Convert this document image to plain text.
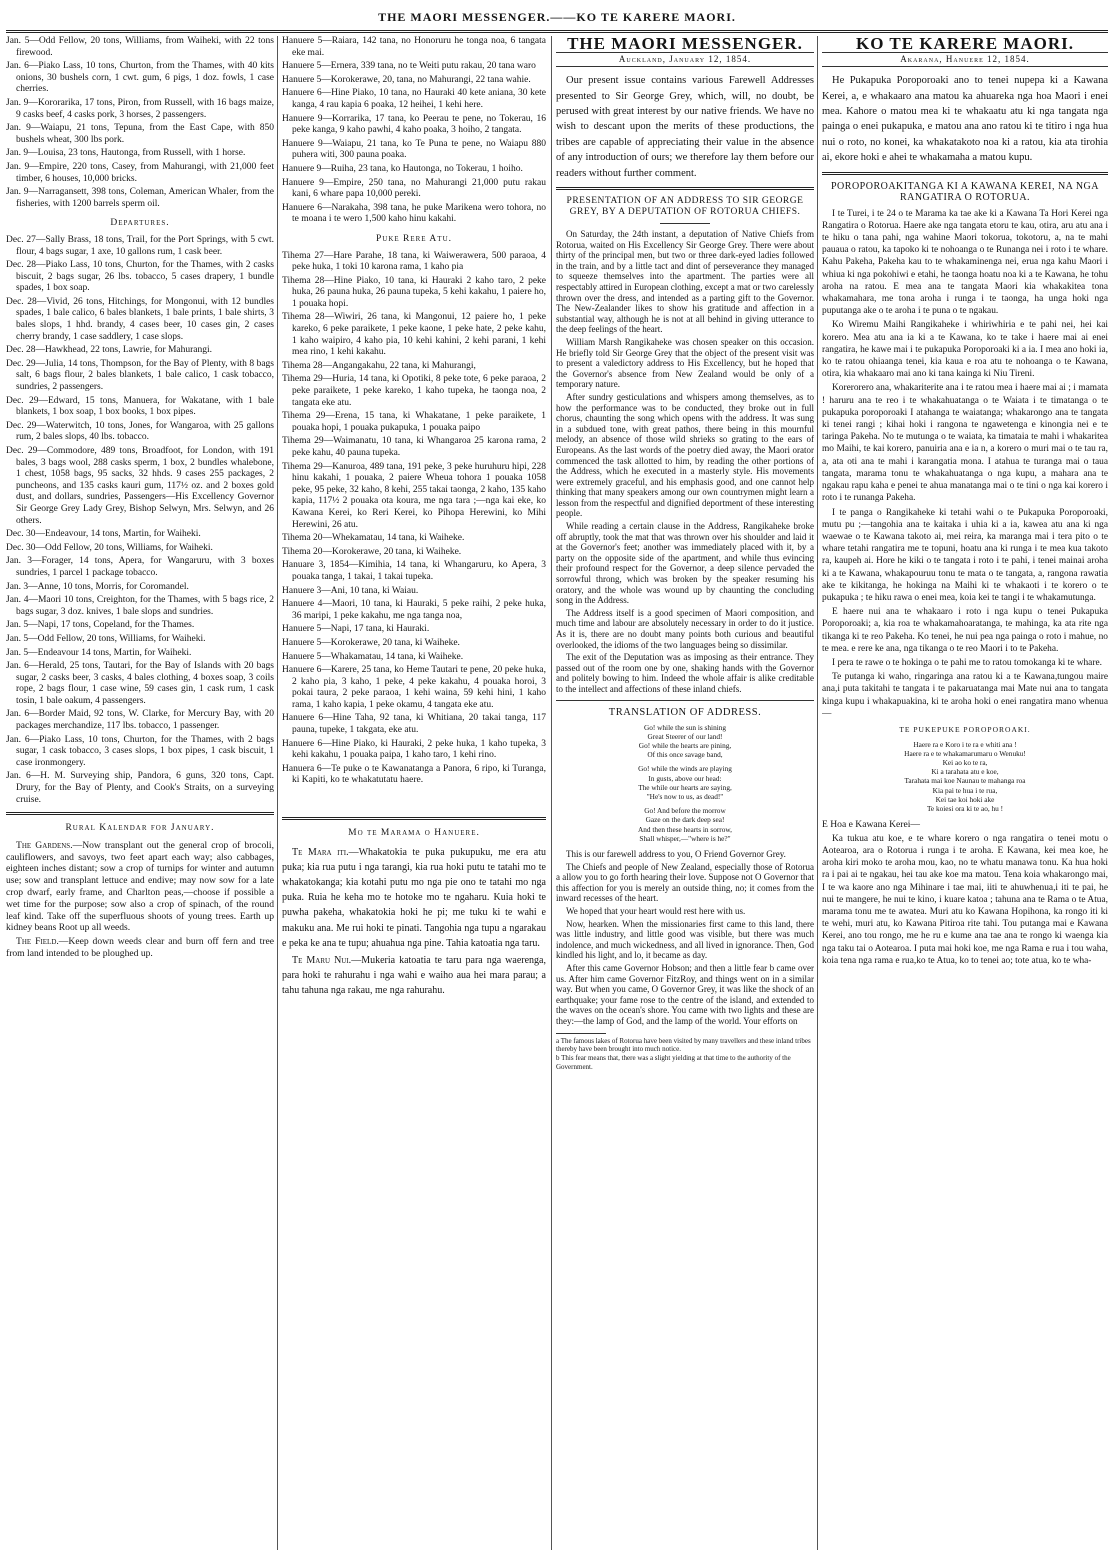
THE MAORI MESSENGER.——KO TE KARERE MAORI.
Jan. 5—Odd Fellow, 20 tons, Williams, from Waiheki, with 22 tons firewood.
Jan. 6—Piako Lass, 10 tons, Churton, from the Thames, with 40 kits onions, 30 bushels corn, 1 cwt. gum, 6 pigs, 1 doz. fowls, 1 case cherries.
Jan. 9—Kororarika, 17 tons, Piron, from Russell, with 16 bags maize, 9 casks beef, 4 casks pork, 3 horses, 2 passengers.
Jan. 9—Waiapu, 21 tons, Tepuna, from the East Cape, with 850 bushels wheat, 300 lbs pork.
Jan. 9—Louisa, 23 tons, Hautonga, from Russell, with 1 horse.
Jan. 9—Empire, 220 tons, Casey, from Mahurangi, with 21,000 feet timber, 6 houses, 10,000 bricks.
Jan. 9—Narragansett, 398 tons, Coleman, American Whaler, from the fisheries, with 1200 barrels sperm oil.
Departures.
Dec. 27—Sally Brass, 18 tons, Trail, for the Port Springs, with 5 cwt. flour, 4 bags sugar, 1 axe, 10 gallons rum, 1 cask beer.
Dec. 28—Piako Lass, 10 tons, Churton, for the Thames, with 2 casks biscuit, 2 bags sugar, 26 lbs. tobacco, 5 cases drapery, 1 bundle spades, 1 box soap.
Dec. 28—Vivid, 26 tons, Hitchings, for Mongonui, with 12 bundles spades, 1 bale calico, 6 bales blankets, 1 bale prints, 1 bale shirts, 3 bales slops, 1 hhd. brandy, 4 cases beer, 10 cases gin, 2 cases cherry brandy, 1 case saddlery, 1 case slops.
Dec. 28—Hawkhead, 22 tons, Lawrie, for Mahurangi.
Dec. 29—Julia, 14 tons, Thompson, for the Bay of Plenty, with 8 bags salt, 6 bags flour, 2 bales blankets, 1 bale calico, 1 cask tobacco, sundries, 2 passengers.
Dec. 29—Edward, 15 tons, Manuera, for Wakatane, with 1 bale blankets, 1 box soap, 1 box books, 1 box pipes.
Dec. 29—Waterwitch, 10 tons, Jones, for Wangaroa, with 25 gallons rum, 2 bales slops, 40 lbs. tobacco.
Dec. 29—Commodore, 489 tons, Broadfoot, for London, with 191 bales, 3 bags wool, 288 casks sperm, 1 box, 2 bundles whalebone, 1 chest, 1058 bags, 95 sacks, 32 hhds. 9 cases 255 packages, 2 puncheons, and 135 casks kauri gum, 117½ oz. and 2 boxes gold dust, and dollars, sundries, Passengers—His Excellency Governor Sir George Grey Lady Grey, Bishop Selwyn, Mrs. Selwyn, and 26 others.
Dec. 30—Endeavour, 14 tons, Martin, for Waiheki.
Dec. 30—Odd Fellow, 20 tons, Williams, for Waiheki.
Jan. 3—Forager, 14 tons, Apera, for Wangaruru, with 3 boxes sundries, 1 parcel 1 package tobacco.
Jan. 3—Anne, 10 tons, Morris, for Coromandel.
Jan. 4—Maori 10 tons, Creighton, for the Thames, with 5 bags rice, 2 bags sugar, 3 doz. knives, 1 bale slops and sundries.
Jan. 5—Napi, 17 tons, Copeland, for the Thames.
Jan. 5—Odd Fellow, 20 tons, Williams, for Waiheki.
Jan. 5—Endeavour 14 tons, Martin, for Waiheki.
Jan. 6—Herald, 25 tons, Tautari, for the Bay of Islands with 20 bags sugar, 2 casks beer, 3 casks, 4 bales clothing, 4 boxes soap, 3 coils rope, 2 bags flour, 1 case wine, 59 cases gin, 1 cask rum, 1 cask tosin, 1 bale oakum, 4 passengers.
Jan. 6—Border Maid, 92 tons, W. Clarke, for Mercury Bay, with 20 packages merchandize, 117 lbs. tobacco, 1 passenger.
Jan. 6—Piako Lass, 10 tons, Churton, for the Thames, with 2 bags sugar, 1 cask tobacco, 3 cases slops, 1 box pipes, 1 cask biscuit, 1 case ironmongery.
Jan. 6—H. M. Surveying ship, Pandora, 6 guns, 320 tons, Capt. Drury, for the Bay of Plenty, and Cook's Straits, on a surveying cruise.
Rural Kalendar for January.

The Gardens.—Now transplant out the general crop of brocoli, cauliflowers, and savoys, two feet apart each way; also cabbages, eighteen inches distant; sow a crop of turnips for winter and autumn use; sow and transplant lettuce and endive; may now sow for a late crop dwarf, early frame, and Charlton peas,—choose if possible a wet time for the purpose; sow also a crop of spinach, of the round leaf kind. Take off the superfluous shoots of young trees. Earth up kidney beans Root up all weeds.

The Field.—Keep down weeds clear and burn off fern and tree from land intended to be ploughed up.

Hanuere 5—Raiara, 142 tana, no Honoruru he tonga noa, 6 tangata eke mai.
Hanuere 5—Ernera, 339 tana, no te Weiti putu rakau, 20 tana waro
Hanuere 5—Korokerawe, 20, tana, no Mahurangi, 22 tana wahie.
Hanuere 6—Hine Piako, 10 tana, no Hauraki 40 kete aniana, 30 kete kanga, 4 rau kapia 6 poaka, 12 heihei, 1 kehi here.
Hanuere 9—Korrarika, 17 tana, ko Peerau te pene, no Tokerau, 16 peke kanga, 9 kaho pawhi, 4 kaho poaka, 3 hoiho, 2 tangata.
Hanuere 9—Waiapu, 21 tana, ko Te Puna te pene, no Waiapu 880 puhera witi, 300 pauna poaka.
Hanuere 9—Ruiha, 23 tana, ko Hautonga, no Tokerau, 1 hoiho.
Hanuere 9—Empire, 250 tana, no Mahurangi 21,000 putu rakau kani, 6 whare papa 10,000 pereki.
Hanuere 6—Narakaha, 398 tana, he puke Marikena wero tohora, no te moana i te wero 1,500 kaho hinu kakahi.
Puke Rere Atu.
Tihema 27—Hare Parahe, 18 tana, ki Waiwerawera, 500 paraoa, 4 peke huka, 1 toki 10 karona rama, 1 kaho pia
Tihema 28—Hine Piako, 10 tana, ki Hauraki 2 kaho taro, 2 peke huka, 26 pauna huka, 26 pauna tupeka, 5 kehi kakahu, 1 paiere ho, 1 pouaka hopi.
Tihema 28—Wiwiri, 26 tana, ki Mangonui, 12 paiere ho, 1 peke kareko, 6 peke paraikete, 1 peke kaone, 1 peke hate, 2 peke kahu, 1 kaho waipiro, 4 kaho pia, 10 kehi kahini, 2 kehi parani, 1 kehi mea rino, 1 kehi kakahu.
Tihema 28—Angangakahu, 22 tana, ki Mahurangi,
Tihema 29—Huria, 14 tana, ki Opotiki, 8 peke tote, 6 peke paraoa, 2 peke paraikete, 1 peke kareko, 1 kaho tupeka, he taonga noa, 2 tangata eke atu.
Tihema 29—Erena, 15 tana, ki Whakatane, 1 peke paraikete, 1 pouaka hopi, 1 pouaka pukapuka, 1 pouaka paipo
Tihema 29—Waimanatu, 10 tana, ki Whangaroa 25 karona rama, 2 peke kahu, 40 pauna tupeka.
Tihema 29—Kanuroa, 489 tana, 191 peke, 3 peke huruhuru hipi, 228 hinu kakahi, 1 pouaka, 2 paiere Wheua tohora 1 pouaka 1058 peke, 95 peke, 32 kaho, 8 kehi, 255 takai taonga, 2 kaho, 135 kaho kapia, 117½ 2 pouaka ota koura, me nga tara ;—nga kai eke, ko Kawana Kerei, ko Reri Kerei, ko Pihopa Herewini, ko Mihi Herewini, 26 atu.
Tihema 20—Whekamatau, 14 tana, ki Waiheke.
Tihema 20—Korokerawe, 20 tana, ki Waiheke.
Hanuare 3, 1854—Kimihia, 14 tana, ki Whangaruru, ko Apera, 3 pouaka tanga, 1 takai, 1 takai tupeka.
Hanuere 3—Ani, 10 tana, ki Waiau.
Hanuere 4—Maori, 10 tana, ki Hauraki, 5 peke raihi, 2 peke huka, 36 maripi, 1 peke kakahu, me nga tanga noa,
Hanuere 5—Napi, 17 tana, ki Hauraki.
Hanuere 5—Korokerawe, 20 tana, ki Waiheke.
Hanuere 5—Whakamatau, 14 tana, ki Waiheke.
Hanuere 6—Karere, 25 tana, ko Heme Tautari te pene, 20 peke huka, 2 kaho pia, 3 kaho, 1 peke, 4 peke kakahu, 4 pouaka horoi, 3 pokai taura, 2 peke paraoa, 1 kehi waina, 59 kehi hini, 1 kaho rama, 1 kaho kapia, 1 peke okamu, 4 tangata eke atu.
Hanuere 6—Hine Taha, 92 tana, ki Whitiana, 20 takai tanga, 117 pauna, tupeke, 1 takgata, eke atu.
Hanuere 6—Hine Piako, ki Hauraki, 2 peke huka, 1 kaho tupeka, 3 kehi kakahu, 1 pouaka paipa, 1 kaho taro, 1 kehi rino.
Hanuera 6—Te puke o te Kawanatanga a Panora, 6 ripo, ki Turanga, ki Kapiti, ko te whakatutatu haere.
Mo te Marama o Hanuere.

Te Mara iti.—Whakatokia te puka pukupuku, me era atu puka; kia rua putu i nga tarangi, kia rua hoki putu te tatahi mo te whakatokanga; kia kotahi putu mo nga pie ono te tatahi mo nga puka. Ruia he keha mo te hotoke mo te ngaharu. Kuia hoki te puwha pakeha, whakatokia hoki he pi; me tuku ki te wahi e makuku ana. Me rui hoki te pinati. Tangohia nga tupu a ngarakau e peka ke ana te tupu; ahuahua nga pine. Tahia katoatia nga taru.

Te Maru Nui.—Mukeria katoatia te taru para nga waerenga, para hoki te rahurahu i nga wahi e waiho aua hei mara parau; a tahu tahuna nga rakau, me nga rahurahu.

THE MAORI MESSENGER.
Auckland, January 12, 1854.

Our present issue contains various Farewell Addresses presented to Sir George Grey, which, will, no doubt, be perused with great interest by our native friends. We have no wish to descant upon the merits of these productions, the tribes are capable of appreciating their value in the absence of any introduction of ours; we therefore lay them before our readers without further comment.

PRESENTATION OF AN ADDRESS TO SIR GEORGE GREY, BY A DEPUTATION OF ROTORUA CHIEFS.

On Saturday, the 24th instant, a deputation of Native Chiefs from Rotorua, waited on His Excellency Sir George Grey. There were about thirty of the principal men, but two or three dark-eyed ladies followed in the train, and by a little tact and dint of perseverance they managed to squeeze themselves into the apartment. The parties were all respectably attired in European clothing, except a mat or two carelessly thrown over the dress, and intended as a parting gift to the Governor. The New-Zealander likes to show his gratitude and affection in a substantial way, although he is not at all behind in giving utterance to the deep feelings of the heart.

William Marsh Rangikaheke was chosen speaker on this occasion. He briefly told Sir George Grey that the object of the present visit was to present a valedictory address to His Excellency, but he hoped that the Governor's absence from New Zealand would be only of a temporary nature.

After sundry gesticulations and whispers among themselves, as to how the performance was to be conducted, they broke out in full chorus, chaunting the song which opens with the address. It was sung in a subdued tone, with great pathos, there being in this mournful melody, an absence of those wild shrieks so grating to the ears of Europeans. As the last words of the poetry died away, the Maori orator commenced the task allotted to him, by reading the other portions of the Address, which he executed in a masterly style. His movements were extremely graceful, and his emphasis good, and one cannot help thinking that many speakers among our own countrymen might learn a lesson from the respectful and dignified deportment of these interesting people.

While reading a certain clause in the Address, Rangikaheke broke off abruptly, took the mat that was thrown over his shoulder and laid it at the Governor's feet; another was immediately placed with it, by a party on the opposite side of the apartment, and while thus evincing their profound respect for the Governor, a deep silence pervaded the sorrowful throng, which was broken by the speaker resuming his oratory, and the whole was wound up by chaunting the concluding song in the Address.

The Address itself is a good specimen of Maori composition, and much time and labour are absolutely necessary in order to do it justice. As it is, there are no doubt many points both curious and beautiful overlooked, the idioms of the two languages being so dissimilar.

The exit of the Deputation was as imposing as their entrance. They passed out of the room one by one, shaking hands with the Governor and politely bowing to him. Indeed the whole affair is alike creditable to the intellect and affections of these inland chiefs.

TRANSLATION OF ADDRESS.
Go! while the sun is shining
Great Steerer of our land!
Go! while the hearts are pining,
Of this once savage band,
Go! while the winds are playing
In gusts, above our head:
The while our hearts are saying,
"He's now to us, as dead!"
Go! And before the morrow
Gaze on the dark deep sea!
And then these hearts in sorrow,
Shall whisper,—"where is he?"

This is our farewell address to you, O Friend Governor Grey.

The Chiefs and people of New Zealand, especially those of Rotorua a allow you to go forth hearing their love. Suppose not O Governor that this affection for you is merely an outside thing, no; it comes from the inward recesses of the heart.

We hoped that your heart would rest here with us.

Now, hearken. When the missionaries first came to this land, there was little industry, and little good was visible, but there was much indolence, and much wickedness, and all lived in ignorance. Then, God kindled his light, and lo, it became as day.

After this came Governor Hobson; and then a little fear b came over us. After him came Governor FitzRoy, and things went on in a similar way. But when you came, O Governor Grey, it was like the shock of an earthquake; your fame rose to the centre of the island, and extended to the waves on the ocean's shore. You came with two lights and these are they:—the lamp of God, and the lamp of the world. Your efforts on

a The famous lakes of Rotorua have been visited by many travellers and these inland tribes thereby have been brought into much notice.
b This fear means that, there was a slight yielding at that time to the authority of the Government.
KO TE KARERE MAORI.
Akarana, Hanuere 12, 1854.

He Pukapuka Poroporoaki ano to tenei nupepa ki a Kawana Kerei, a, e whakaaro ana matou ka ahuareka nga hoa Maori i enei mea. Kahore o matou mea ki te whakaatu atu ki nga tangata nga painga o enei pukapuka, e matou ana ano ratou ki te titiro i nga hua nui o roto, no konei, ka whakatakoto noa ki a ratou, kia ata tirohia ai, ekore hoki e ahei te whakamaha a matou kupu.

POROPOROAKITANGA KI A KAWANA KEREI, NA NGA RANGATIRA O ROTORUA.

I te Turei, i te 24 o te Marama ka tae ake ki a Kawana Ta Hori Kerei nga Rangatira o Rotorua. Haere ake nga tangata etoru te kau, otira, aru atu ana i te hiku o tana pahi, nga wahine Maori tokorua, tokotoru, a, na te mahi pauaua o ratou, ka tapoko ki te nohoanga o te Runanga nei i roto i te whare. Kahu Pakeha, Pakeha kau to te whakaminenga nei, erua nga kahu Maori i whiua ki nga pokohiwi e etahi, he taonga hoatu noa ki a te Kawana, he tohu aroha na ratou. E mea ana te tangata Maori kia whakakitea tona whakamahara, me tona aroha i runga i te taonga, ha unga hoki nga puputanga ake o te aroha i te puna o te ngakau.

Ko Wiremu Maihi Rangikaheke i whiriwhiria e te pahi nei, hei kai korero. Mea atu ana ia ki a te Kawana, ko te take i haere mai ai enei rangatira, he kawe mai i te pukapuka Poroporoaki ki a ia. I mea ano hoki ia, ko te ratou ohiaanga tenei, kia kaua e roa atu te nohoanga o te Kawana, otira, kia whakaaro mai ano ki tana kainga ki Niu Tireni.

Korerorero ana, whakariterite ana i te ratou mea i haere mai ai ; i mamata ! haruru ana te reo i te whakahuatanga o te Waiata i te timatanga o te pukapuka poroporoaki I atahanga te waiatanga; whakarongo ana te tangata ki tenei rangi ; kihai hoki i rangona te ngawetenga e kinongia nei e te taringa Pakeha. No te mutunga o te waiata, ka timataia te mahi i whakaritea mo Maihi, te kai korero, panuiria ana e ia n, a korero o muri mai o te tau ra, a, ata oti ana te mahi i karangatia mona. I atahua te turanga mai o taua tangata, marama tonu te whakahuatanga o nga kupu, a mahara ana te ngakau rapu kaha e penei te ahua manatanga mai o te tini o nga kai korero i roto i te runanga Pakeha.

I te panga o Rangikaheke ki tetahi wahi o te Pukapuka Poroporoaki, mutu pu ;—tangohia ana te kaitaka i uhia ki a ia, kawea atu ana ki nga waewae o te Kawana takoto ai, mei reira, ka maranga mai i tera pito o te whare tetahi rangatira me te topuni, hoatu ana ki runga i te mea kua takoto ra, kaupeh ai. Hore he kiki o te tangata i roto i te pahi, i tenei mainai aroha ki a te Kawana, whakapouruu tonu te mata o te tangata, a, rangona rawatia ake te kikitanga, he hokinga na Maihi ki te whakaoti i te korero o te pukapuka ; te hiku rawa o enei mea, koia kei te tangi i te whakamutunga.

E haere nui ana te whakaaro i roto i nga kupu o tenei Pukapuka Poroporoaki; a, kia roa te whakamahoaratanga, te mahinga, ka ata rite nga tikanga ki te reo Pakeha. Ko tenei, he nui pea nga painga o roto i mahue, no te mea. e rere ke ana, nga tikanga o te reo Maori i to te Pakeha.

I pera te rawe o te hokinga o te pahi me to ratou tomokanga ki te whare.

Te putanga ki waho, ringaringa ana ratou ki a te Kawana,tungou maire ana,i puta takitahi te tangata i te pakaruatanga mai Mate nui ana to tangata kinga kupu i whakapuakina, ki te aroha hoki o enei rangatira mano whenua—

TE PUKEPUKE POROPOROAKI.
Haere ra e Koro i te ra e whiti ana !
Haere ra e te whakamarumaru o Wenuku!
Kei ao ko te ra,
Ki a tarahata atu e koe,
Tarahata mai koe Naunau te mahanga roa
Kia pai te hua i te rua,
Kei tae koi hoki ake
Te koiesi ora ki te ao, hu !
E Hoa e Kawana Kerei—

Ka tukua atu koe, e te whare korero o nga rangatira o tenei motu o Aotearoa, ara o Rotorua i runga i te aroha. E Kawana, kei mea koe, he aroha kiri moko te aroha mou, kao, no te whatu manawa tonu. Ka hua hoki ra i pai ai te ngakau, hei tau ake koe ma matou. Tena koia whakarongo mai, I te wa kaore ano nga Mihinare i tae mai, iiti te ahuwhenua,i iti te pai, he nui te mangere, he nui te kino, i kuare katoa ; tahuna ana te Rama o te Atua, marama tonu me te awatea. Muri atu ko Kawana Hopihona, ka rongo iti ki te wehi, muri atu, ko Kawana Pitiroa rite tahi. Tou putanga mai e Kawana Kerei, ano tou rongo, me he ru e kume ana tae ana te rongo ki waenga kia nga taku tai o Aotearoa. I puta mai hoki koe, me nga Rama e rua i tou waha, koia tena nga rama e rua,ko te Atua, ko to tenei ao; tote atua, ko te wha-
